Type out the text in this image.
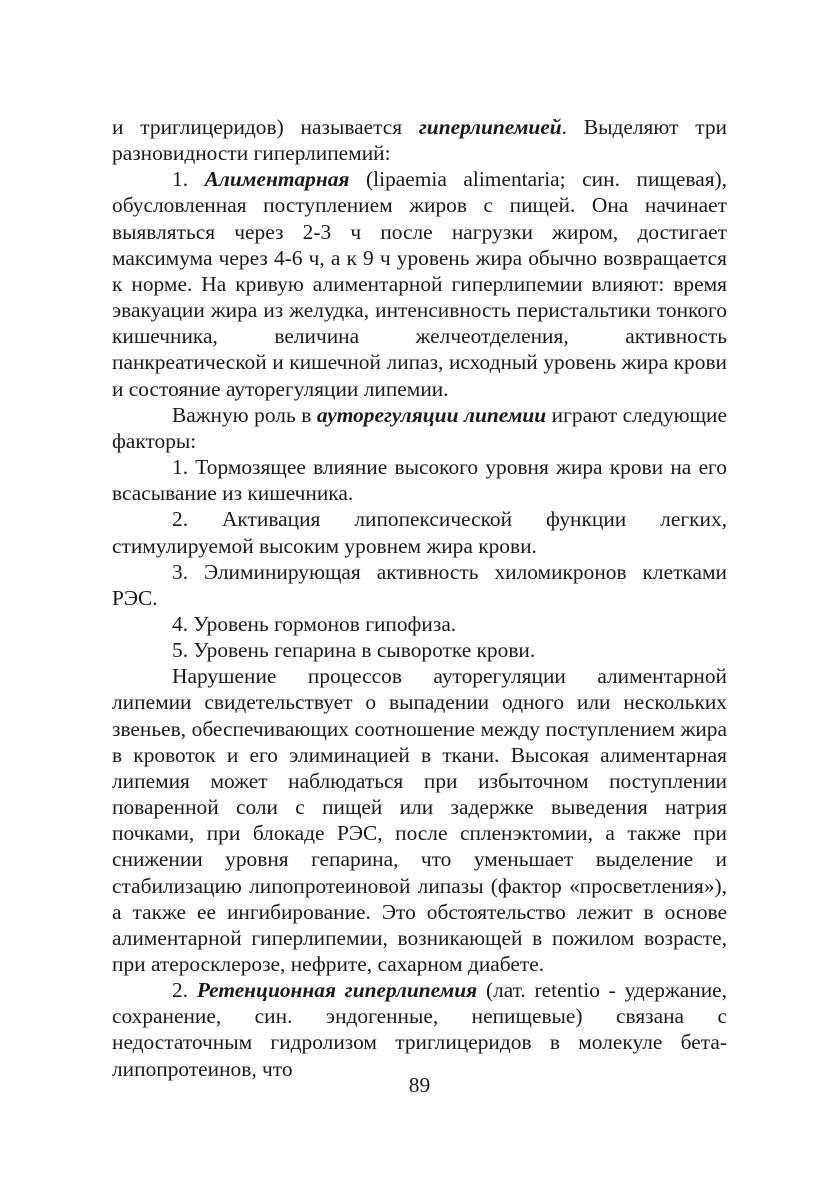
и триглицеридов) называется гиперлипемией. Выделяют три разновидности гиперлипемий:

1. Алиментарная (lipaemia alimentaria; син. пищевая), обусловленная поступлением жиров с пищей. Она начинает выявляться через 2-3 ч после нагрузки жиром, достигает максимума через 4-6 ч, а к 9 ч уровень жира обычно возвращается к норме. На кривую алиментарной гиперлипемии влияют: время эвакуации жира из желудка, интенсивность перистальтики тонкого кишечника, величина желчеотделения, активность панкреатической и кишечной липаз, исходный уровень жира крови и состояние ауторегуляции липемии.

Важную роль в ауторегуляции липемии играют следующие факторы:

1. Тормозящее влияние высокого уровня жира крови на его всасывание из кишечника.

2. Активация липопексической функции легких, стимулируемой высоким уровнем жира крови.

3. Элиминирующая активность хиломикронов клетками РЭС.

4. Уровень гормонов гипофиза.

5. Уровень гепарина в сыворотке крови.

Нарушение процессов ауторегуляции алиментарной липемии свидетельствует о выпадении одного или нескольких звеньев, обеспечивающих соотношение между поступлением жира в кровоток и его элиминацией в ткани. Высокая алиментарная липемия может наблюдаться при избыточном поступлении поваренной соли с пищей или задержке выведения натрия почками, при блокаде РЭС, после спленэктомии, а также при снижении уровня гепарина, что уменьшает выделение и стабилизацию липопротеиновой липазы (фактор «просветления»), а также ее ингибирование. Это обстоятельство лежит в основе алиментарной гиперлипемии, возникающей в пожилом возрасте, при атеросклерозе, нефрите, сахарном диабете.

2. Ретенционная гиперлипемия (лат. retentio - удержание, сохранение, син. эндогенные, непищевые) связана с недостаточным гидролизом триглицеридов в молекуле бета-липопротеинов, что

89
